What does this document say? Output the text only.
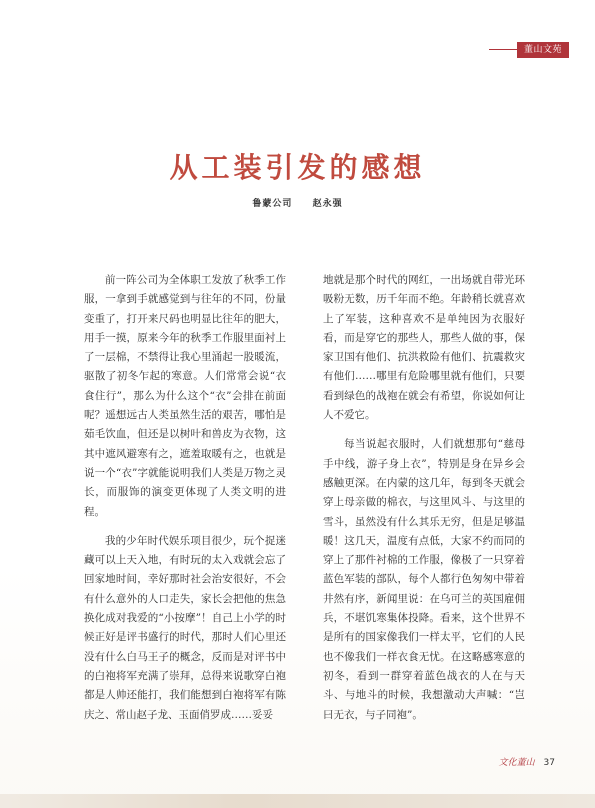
董山文苑
从工装引发的感想
鲁蒙公司 赵永强

前一阵公司为全体职工发放了秋季工作服，一拿到手就感觉到与往年的不同，份量变重了，打开来尺码也明显比往年的肥大，用手一摸，原来今年的秋季工作服里面衬上了一层棉，不禁得让我心里涌起一股暖流，驱散了初冬乍起的寒意。人们常常会说“衣食住行”，那么为什么这个“衣”会排在前面呢？遥想远古人类虽然生活的艰苦，哪怕是茹毛饮血，但还是以树叶和兽皮为衣物，这其中遮风避寒有之，遮羞取暖有之，也就是说一个“衣”字就能说明我们人类是万物之灵长，而服饰的演变更体现了人类文明的进程。

我的少年时代娱乐项目很少，玩个捉迷藏可以上天入地，有时玩的太入戏就会忘了回家地时间，幸好那时社会治安很好，不会有什么意外的人口走失，家长会把他的焦急换化成对我爱的“小按摩”！自己上小学的时候正好是评书盛行的时代，那时人们心里还没有什么白马王子的概念，反而是对评书中的白袍将军充满了崇拜，总得来说歌穿白袍都是人帅还能打，我们能想到白袍将军有陈庆之、常山赵子龙、玉面俏罗成……妥妥

地就是那个时代的网红，一出场就自带光环吸粉无数，历千年而不绝。年龄稍长就喜欢上了军装，这种喜欢不是单纯因为衣服好看，而是穿它的那些人，那些人做的事，保家卫国有他们、抗洪救险有他们、抗震救灾有他们……哪里有危险哪里就有他们，只要看到绿色的战袍在就会有希望，你说如何让人不爱它。

每当说起衣服时，人们就想那句“慈母手中线，游子身上衣”，特别是身在异乡会感触更深。在内蒙的这几年，每到冬天就会穿上母亲做的棉衣，与这里风斗、与这里的雪斗，虽然没有什么其乐无穷，但是足够温暖！这几天，温度有点低，大家不约而同的穿上了那件衬棉的工作服，像极了一只穿着蓝色军装的部队，每个人都行色匆匆中带着井然有序，新闻里说：在乌可兰的英国雇佣兵，不堪饥寒集体投降。看来，这个世界不是所有的国家像我们一样太平，它们的人民也不像我们一样衣食无忧。在这略感寒意的初冬，看到一群穿着蓝色战衣的人在与天斗、与地斗的时候，我想激动大声喊：“岂曰无衣，与子同袍”。

文化董山 37
